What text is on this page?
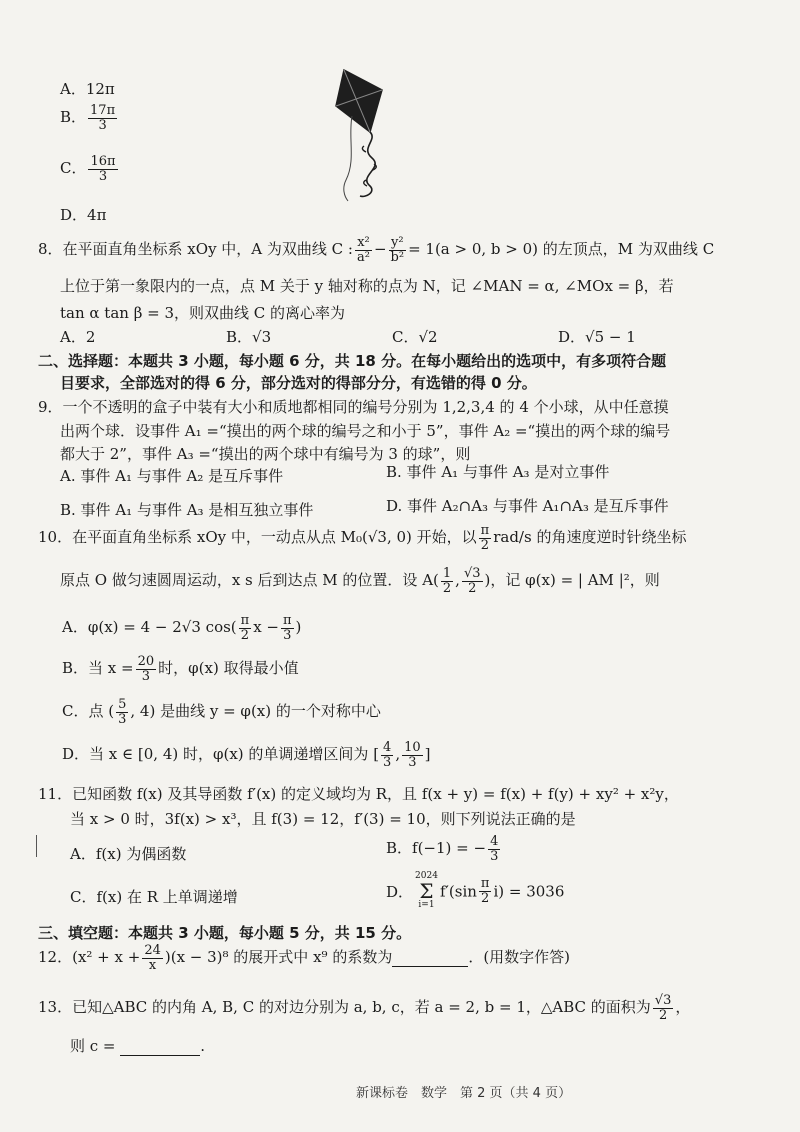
A．12π
B． $\frac{17\pi}{3}$
C． $\frac{16\pi}{3}$
D．4π
8．在平面直角坐标系 xOy 中，A 为双曲线 C : $\frac{\text{x²}}{\text{a²}} - \frac{\text{y²}}{\text{b²}} = 1(a > 0$, b > 0) 的左顶点，M 为双曲线 C
上位于第一象限内的一点，点 M 关于 y 轴对称的点为 N，记 ∠MAN = α, ∠MOx = β，若
tan α tan β = 3，则双曲线 C 的离心率为
A．2	B．√3	C．√2	D．√5 − 1
二、选择题：本题共 3 小题，每小题 6 分，共 18 分。在每小题给出的选项中，有多项符合题
目要求，全部选对的得 6 分，部分选对的得部分分，有选错的得 0 分。
9．一个不透明的盒子中装有大小和质地都相同的编号分别为 1,2,3,4 的 4 个小球，从中任意摸
出两个球．设事件 A₁ =“摸出的两个球的编号之和小于 5”，事件 A₂ =“摸出的两个球的编号
都大于 2”，事件 A₃ =“摸出的两个球中有编号为 3 的球”，则
A. 事件 A₁ 与事件 A₂ 是互斥事件	B. 事件 A₁ 与事件 A₃ 是对立事件
B. 事件 A₁ 与事件 A₃ 是相互独立事件	D. 事件 A₂∩A₃ 与事件 A₁∩A₃ 是互斥事件
10．在平面直角坐标系 xOy 中，一动点从点 M₀(√3, 0) 开始，以 $\frac{\pi}{2} rad/s$ 的角速度逆时针绕坐标
原点 O 做匀速圆周运动，x s 后到达点 M 的位置．设 $A( \frac{1}{2}$ , $\frac{√3}{2}$ )，记 φ(x) = | AM |²，则
A．φ(x) = 4 − 2√3 $\cos( \frac{\pi}{2}$ $x - \frac{\pi}{3}$ )
B．当 $x = \frac{20}{3}$ 时，φ(x) 取得最小值
C．点 ( $\frac{5}{3}$ , 4) 是曲线 y = φ(x) 的一个对称中心
D．当 x ∈ [0, 4) 时，φ(x) 的单调递增区间为 [ $\frac{4}{3}$ , $\frac{10}{3}$ ]
11．已知函数 f(x) 及其导函数 f′(x) 的定义域均为 R，且 f(x + y) = f(x) + f(y) + xy² + x²y，
当 x > 0 时，3f(x) > x³，且 f(3) = 12，f′(3) = 10，则下列说法正确的是
A．f(x) 为偶函数	B．f(−1) = − $\frac{4}{3}$
C．f(x) 在 R 上单调递增	D．
2024
Σ
i=1
$f'(\sin \frac{\pi}{2} i) = 3036$
三、填空题：本题共 3 小题，每小题 5 分，共 15 分。
12．$(x^2 + x + \frac{24}{x} )(x - 3)^8$ 的展开式中 x⁹ 的系数为	．(用数字作答)
13．已知△ABC 的内角 A, B, C 的对边分别为 a, b, c，若 a = 2, b = 1，△ABC 的面积为 $\frac{√3}{2}$ ，
则 c =	.
新课标卷　数学　第 2 页（共 4 页）
